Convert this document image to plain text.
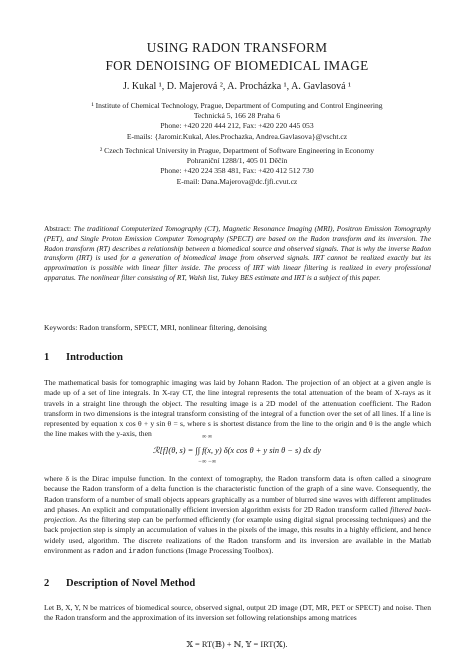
USING RADON TRANSFORM
FOR DENOISING OF BIOMEDICAL IMAGE
J. Kukal ¹, D. Majerová ², A. Procházka ¹, A. Gavlasová ¹
¹ Institute of Chemical Technology, Prague, Department of Computing and Control Engineering
Technická 5, 166 28 Praha 6
Phone: +420 220 444 212, Fax: +420 220 445 053
E-mails: {Jaromir.Kukal, Ales.Prochazka, Andrea.Gavlasova}@vscht.cz
² Czech Technical University in Prague, Department of Software Engineering in Economy
Pohraniční 1288/1, 405 01 Děčín
Phone: +420 224 358 481, Fax: +420 412 512 730
E-mail: Dana.Majerova@dc.fjfi.cvut.cz
Abstract: The traditional Computerized Tomography (CT), Magnetic Resonance Imaging (MRI), Positron Emission Tomography (PET), and Single Proton Emission Computer Tomography (SPECT) are based on the Radon transform and its inversion. The Radon transform (RT) describes a relationship between a biomedical source and observed signals. That is why the inverse Radon transform (IRT) is used for a generation of biomedical image from observed signals. IRT cannot be realized exactly but its approximation is possible with linear filter inside. The process of IRT with linear filtering is realized in every professional apparatus. The nonlinear filter consisting of RT, Walsh list, Tukey BES estimate and IRT is a subject of this paper.
Keywords: Radon transform, SPECT, MRI, nonlinear filtering, denoising
1 Introduction
The mathematical basis for tomographic imaging was laid by Johann Radon. The projection of an object at a given angle is made up of a set of line integrals. In X-ray CT, the line integral represents the total attenuation of the beam of X-rays as it travels in a straight line through the object. The resulting image is a 2D model of the attenuation coefficient. The Radon transform in two dimensions is the integral transform consisting of the integral of a function over the set of all lines. If a line is represented by equation x cos θ + y sin θ = s, where s is shortest distance from the line to the origin and θ is the angle which the line makes with the y-axis, then
ℛ[f](θ, s) = ∫∫ f(x, y) δ(x cos θ + y sin θ − s) dx dy
∞ ∞
−∞ −∞
where δ is the Dirac impulse function. In the context of tomography, the Radon transform data is often called a sinogram because the Radon transform of a delta function is the characteristic function of the graph of a sine wave. Consequently, the Radon transform of a number of small objects appears graphically as a number of blurred sine waves with different amplitudes and phases. An explicit and computationally efficient inversion algorithm exists for 2D Radon transform called filtered back-projection. As the filtering step can be performed efficiently (for example using digital signal processing techniques) and the back projection step is simply an accumulation of values in the pixels of the image, this results in a highly efficient, and hence widely used, algorithm. The discrete realizations of the Radon transform and its inversion are available in the Matlab environment as radon and iradon functions (Image Processing Toolbox).
2 Description of Novel Method
Let B, X, Y, N be matrices of biomedical source, observed signal, output 2D image (DT, MR, PET or SPECT) and noise. Then the Radon transform and the approximation of its inversion set following relationships among matrices
𝕏 = RT(𝔹) + ℕ, 𝕐 = IRT(𝕏).
